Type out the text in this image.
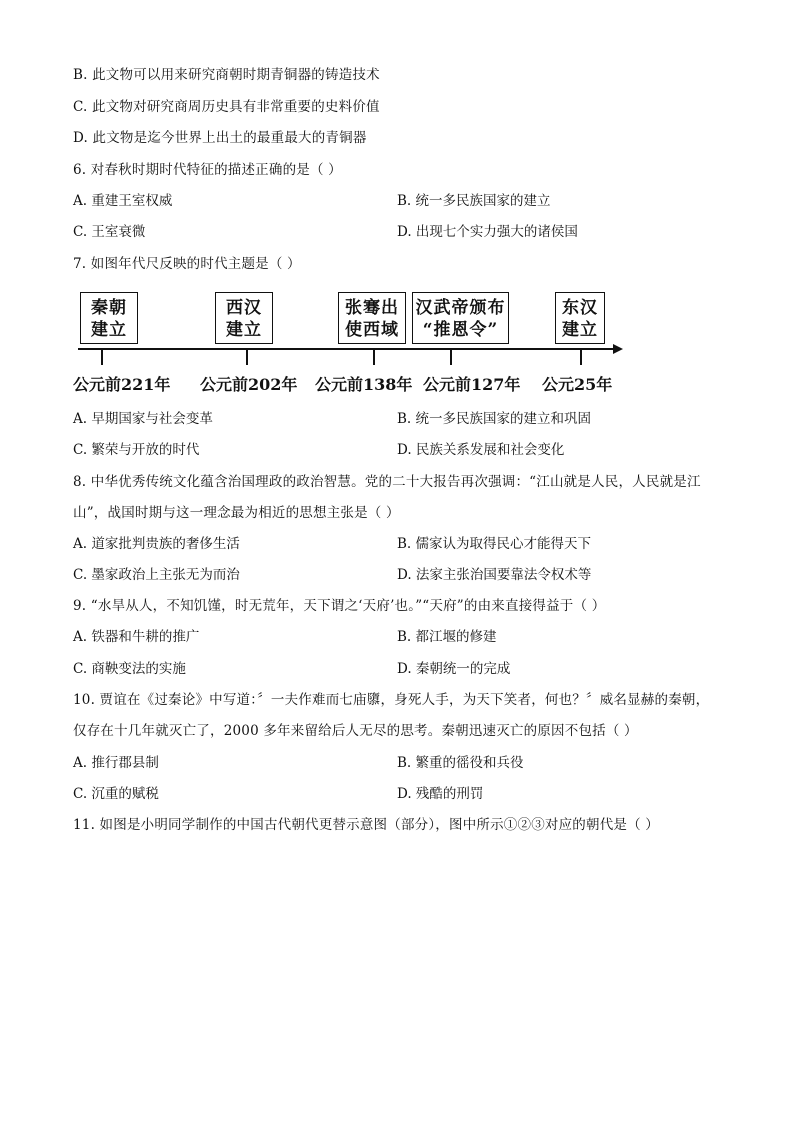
B. 此文物可以用来研究商朝时期青铜器的铸造技术
C. 此文物对研究商周历史具有非常重要的史料价值
D. 此文物是迄今世界上出土的最重最大的青铜器
6. 对春秋时期时代特征的描述正确的是（ ）
A. 重建王室权威	B. 统一多民族国家的建立
C. 王室衰微	D. 出现七个实力强大的诸侯国
7. 如图年代尺反映的时代主题是（ ）
秦朝
建立
西汉
建立
张骞出
使西域
汉武帝颁布
“推恩令”
东汉
建立
公元前221年 公元前202年 公元前138年 公元前127年 公元25年
A. 早期国家与社会变革	B. 统一多民族国家的建立和巩固
C. 繁荣与开放的时代	D. 民族关系发展和社会变化
8. 中华优秀传统文化蕴含治国理政的政治智慧。党的二十大报告再次强调：“江山就是人民，人民就是江
山”，战国时期与这一理念最为相近的思想主张是（ ）
A. 道家批判贵族的奢侈生活	B. 儒家认为取得民心才能得天下
C. 墨家政治上主张无为而治	D. 法家主张治国要靠法令权术等
9. “水旱从人，不知饥馑，时无荒年，天下谓之‘天府’也。”“天府”的由来直接得益于（ ）
A. 铁器和牛耕的推广	B. 都江堰的修建
C. 商鞅变法的实施	D. 秦朝统一的完成
10. 贾谊在《过秦论》中写道：〞一夫作难而七庙隳，身死人手，为天下笑者，何也？〞威名显赫的秦朝，
仅存在十几年就灭亡了，2000 多年来留给后人无尽的思考。秦朝迅速灭亡的原因不包括（ ）
A. 推行郡县制	B. 繁重的徭役和兵役
C. 沉重的赋税	D. 残酷的刑罚
11. 如图是小明同学制作的中国古代朝代更替示意图（部分），图中所示①②③对应的朝代是（ ）
